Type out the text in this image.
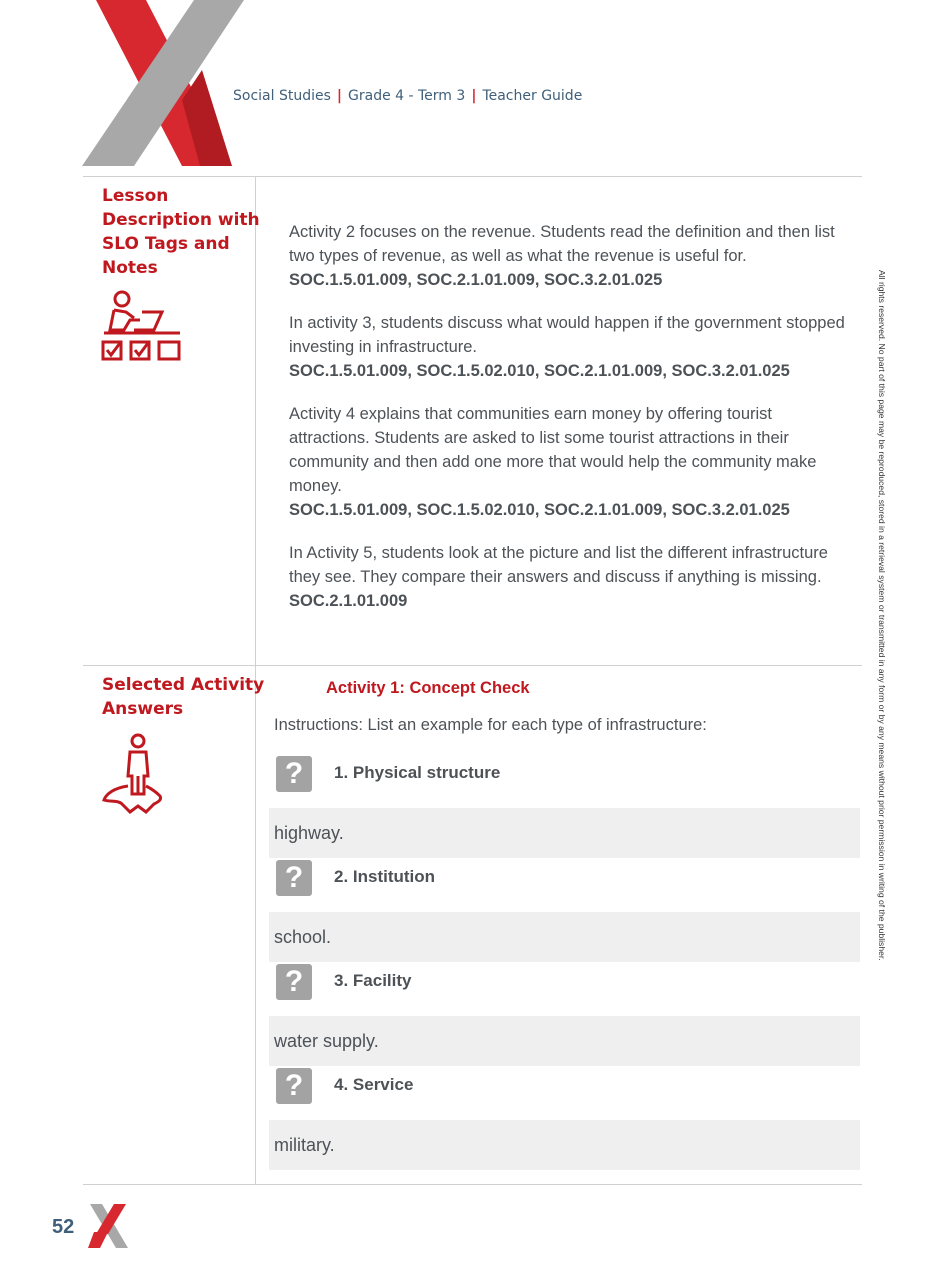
Social Studies | Grade 4 - Term 3 | Teacher Guide
Lesson
Description with
SLO Tags and
Notes

Activity 2 focuses on the revenue. Students read the definition and then list two types of revenue, as well as what the revenue is useful for.
SOC.1.5.01.009, SOC.2.1.01.009, SOC.3.2.01.025

In activity 3, students discuss what would happen if the government stopped investing in infrastructure.
SOC.1.5.01.009, SOC.1.5.02.010, SOC.2.1.01.009, SOC.3.2.01.025

Activity 4 explains that communities earn money by offering tourist attractions. Students are asked to list some tourist attractions in their community and then add one more that would help the community make money.
SOC.1.5.01.009, SOC.1.5.02.010, SOC.2.1.01.009, SOC.3.2.01.025

In Activity 5, students look at the picture and list the different infrastructure they see. They compare their answers and discuss if anything is missing.
SOC.2.1.01.009

Selected Activity
Answers
Activity 1: Concept Check
Instructions: List an example for each type of infrastructure:
?	1. Physical structure
highway.
?	2. Institution
school.
?	3. Facility
water supply.
?	4. Service
military.
All rights reserved. No part of this page may be reproduced, stored in a retrieval system or transmitted in any form or by any means without prior permission in writing of the publisher.
52
